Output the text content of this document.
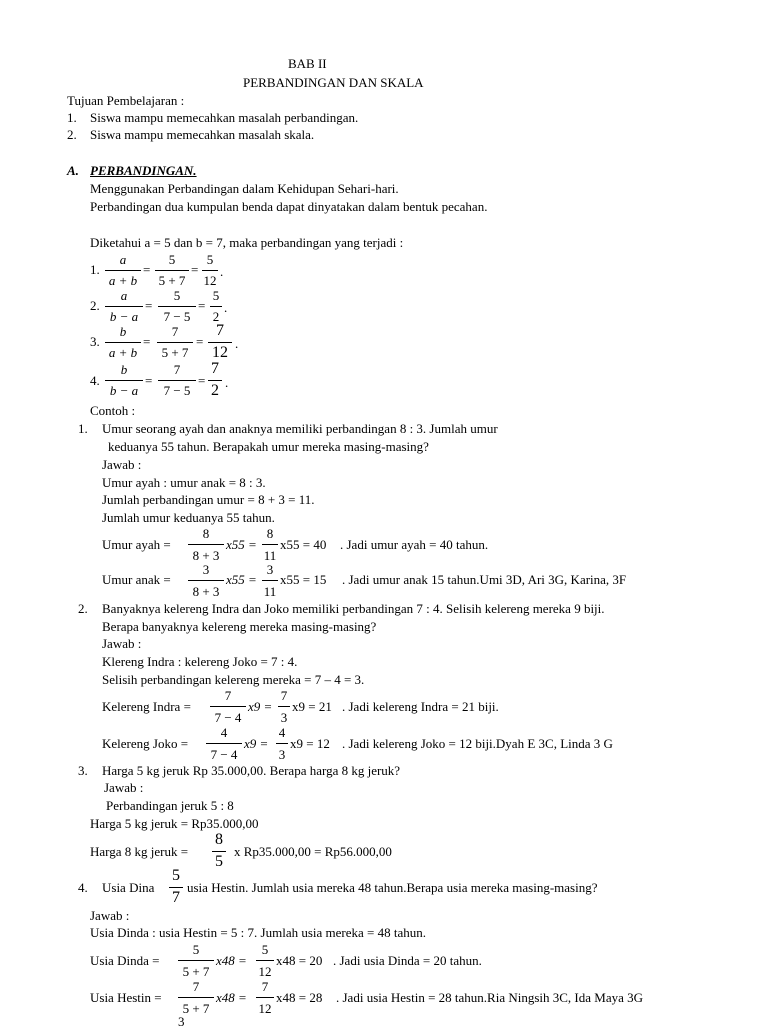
BAB II
PERBANDINGAN DAN SKALA
Tujuan Pembelajaran :
1. Siswa mampu memecahkan masalah perbandingan.
2. Siswa mampu memecahkan masalah skala.
A. PERBANDINGAN.
Menggunakan Perbandingan dalam Kehidupan Sehari-hari.
Perbandingan dua kumpulan benda dapat dinyatakan dalam bentuk pecahan.
Diketahui a = 5 dan b = 7, maka perbandingan yang terjadi :
1.
a
a + b
=
5
5 + 7
=
5
12
.
2.
a
b − a
=
5
7 − 5
=
5
2
.
3.
b
a + b
=
7
5 + 7
=
7
12
.
4.
b
b − a
=
7
7 − 5
=
7
2 .
Contoh :
1. Umur seorang ayah dan anaknya memiliki perbandingan 8 : 3. Jumlah umur
keduanya 55 tahun. Berapakah umur mereka masing-masing?
Jawab :
Umur ayah : umur anak = 8 : 3.
Jumlah perbandingan umur = 8 + 3 = 11.
Jumlah umur keduanya 55 tahun.
Umur ayah =
8
8 + 3
x55 =
8
11
x55 = 40 . Jadi umur ayah = 40 tahun.
Umur anak =
3
8 + 3
x55 =
3
11
x55 = 15 . Jadi umur anak 15 tahun.Umi 3D, Ari 3G, Karina, 3F
2. Banyaknya kelereng Indra dan Joko memiliki perbandingan 7 : 4. Selisih kelereng mereka 9 biji.
Berapa banyaknya kelereng mereka masing-masing?
Jawab :
Klereng Indra : kelereng Joko = 7 : 4.
Selisih perbandingan kelereng mereka = 7 – 4 = 3.
Kelereng Indra =
7
7 − 4
x9 =
7
3
x9 = 21 . Jadi kelereng Indra = 21 biji.
Kelereng Joko =
4
7 − 4
x9 =
4
3
x9 = 12 . Jadi kelereng Joko = 12 biji.Dyah E 3C, Linda 3 G
3. Harga 5 kg jeruk Rp 35.000,00. Berapa harga 8 kg jeruk?
Jawab :
Perbandingan jeruk 5 : 8
Harga 5 kg jeruk = Rp35.000,00
Harga 8 kg jeruk =
8
5
x Rp35.000,00 = Rp56.000,00
4. Usia Dina
5
7
usia Hestin. Jumlah usia mereka 48 tahun.Berapa usia mereka masing-masing?
Jawab :
Usia Dinda : usia Hestin = 5 : 7. Jumlah usia mereka = 48 tahun.
Usia Dinda =
5
5 + 7
x48 =
5
12
x48 = 20 . Jadi usia Dinda = 20 tahun.
Usia Hestin =
7
5 + 7
x48 =
7
12
x48 = 28 . Jadi usia Hestin = 28 tahun.Ria Ningsih 3C, Ida Maya 3G
3
